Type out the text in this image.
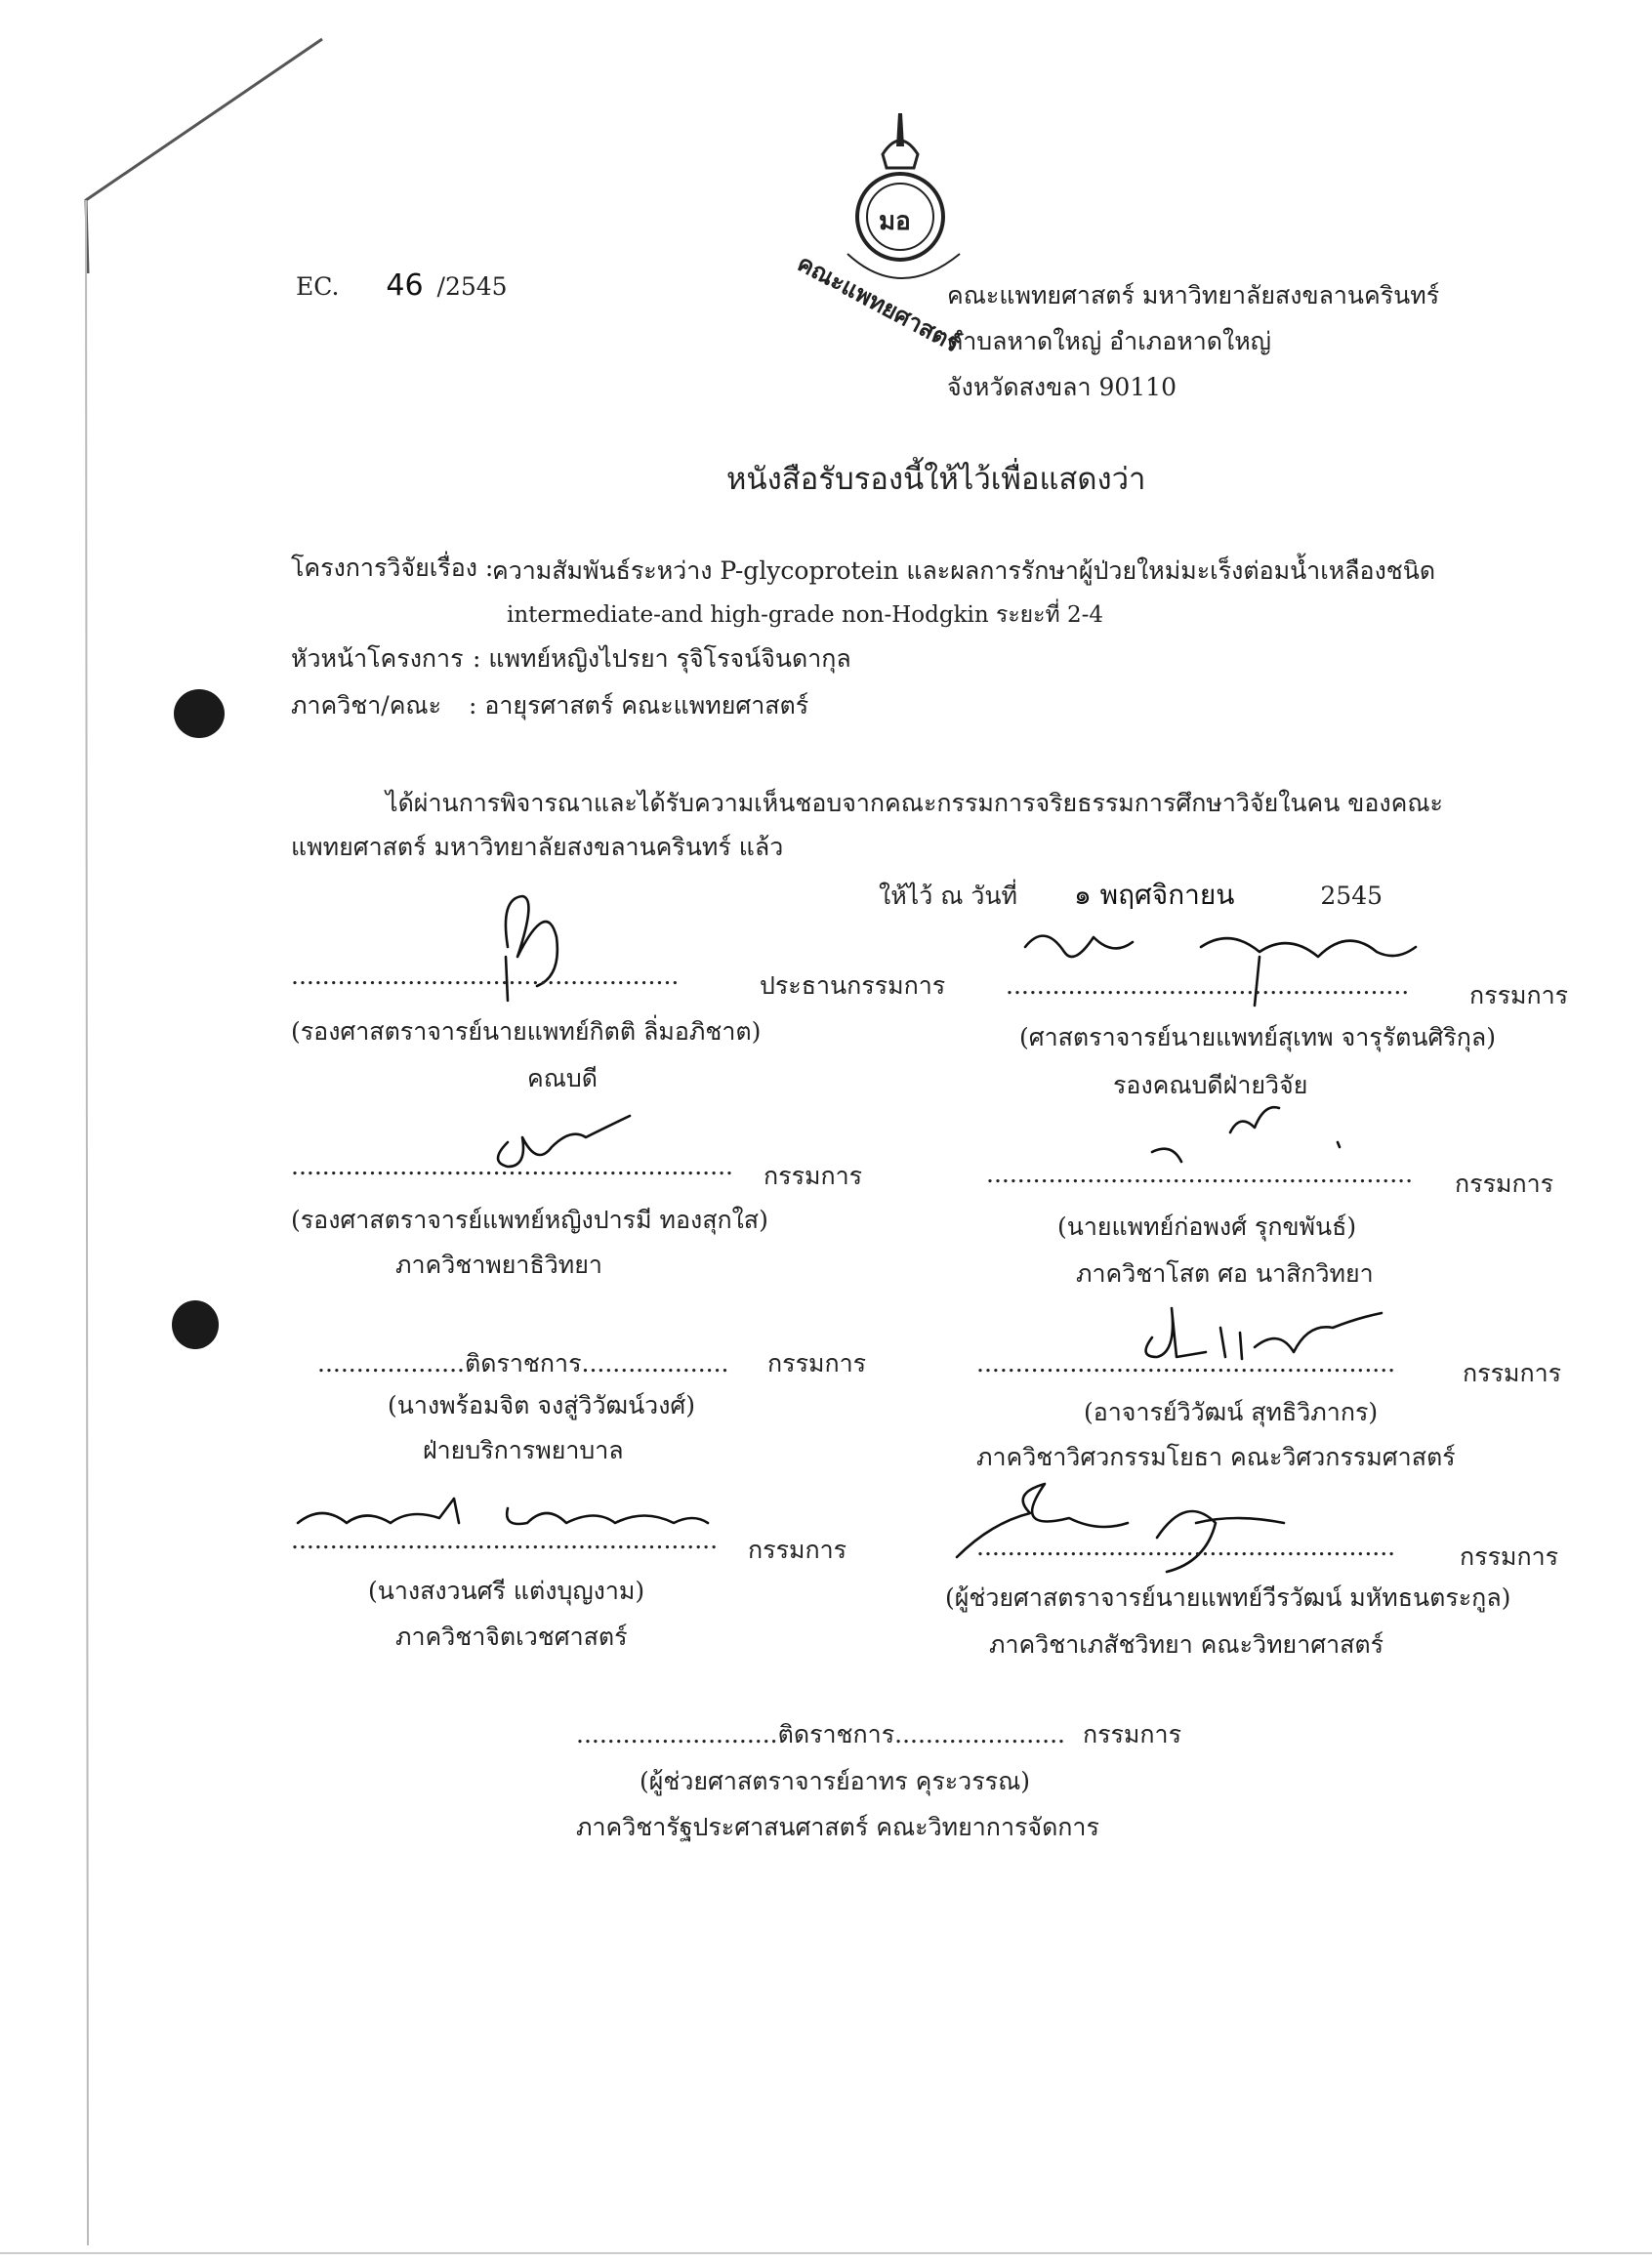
มอ
คณะแพทยศาสตร์
EC. 46 /2545	คณะแพทยศาสตร์ มหาวิทยาลัยสงขลานครินทร์
ตำบลหาดใหญ่ อำเภอหาดใหญ่
จังหวัดสงขลา 90110
หนังสือรับรองนี้ให้ไว้เพื่อแสดงว่า
โครงการวิจัยเรื่อง :
ความสัมพันธ์ระหว่าง P-glycoprotein และผลการรักษาผู้ป่วยใหม่มะเร็งต่อมน้ำเหลืองชนิด
intermediate-and high-grade non-Hodgkin ระยะที่ 2-4
หัวหน้าโครงการ : แพทย์หญิงไปรยา รุจิโรจน์จินดากุล
ภาควิชา/คณะ : อายุรศาสตร์ คณะแพทยศาสตร์
ได้ผ่านการพิจารณาและได้รับความเห็นชอบจากคณะกรรมการจริยธรรมการศึกษาวิจัยในคน ของคณะ
แพทยศาสตร์ มหาวิทยาลัยสงขลานครินทร์ แล้ว
ให้ไว้ ณ วันที่ ๑ พฤศจิกายน	2545
..................................................	ประธานกรรมการ
(รองศาสตราจารย์นายแพทย์กิตติ ลิ่มอภิชาต)
คณบดี
.................................................... กรรมการ
(ศาสตราจารย์นายแพทย์สุเทพ จารุรัตนศิริกุล)
รองคณบดีฝ่ายวิจัย
......................................................... กรรมการ
(รองศาสตราจารย์แพทย์หญิงปารมี ทองสุกใส)
ภาควิชาพยาธิวิทยา
....................................................... กรรมการ
(นายแพทย์ก่อพงศ์ รุกขพันธ์)
ภาควิชาโสต ศอ นาสิกวิทยา
...................ติดราชการ................... กรรมการ
(นางพร้อมจิต จงสู่วิวัฒน์วงศ์)
ฝ่ายบริการพยาบาล
......................................................	กรรมการ
(อาจารย์วิวัฒน์ สุทธิวิภากร)
ภาควิชาวิศวกรรมโยธา คณะวิศวกรรมศาสตร์
....................................................... กรรมการ
(นางสงวนศรี แต่งบุญงาม)
ภาควิชาจิตเวชศาสตร์
......................................................	กรรมการ
(ผู้ช่วยศาสตราจารย์นายแพทย์วีรวัฒน์ มหัทธนตระกูล)
ภาควิชาเภสัชวิทยา คณะวิทยาศาสตร์
..........................ติดราชการ...................... กรรมการ
(ผู้ช่วยศาสตราจารย์อาทร คุระวรรณ)
ภาควิชารัฐประศาสนศาสตร์ คณะวิทยาการจัดการ
